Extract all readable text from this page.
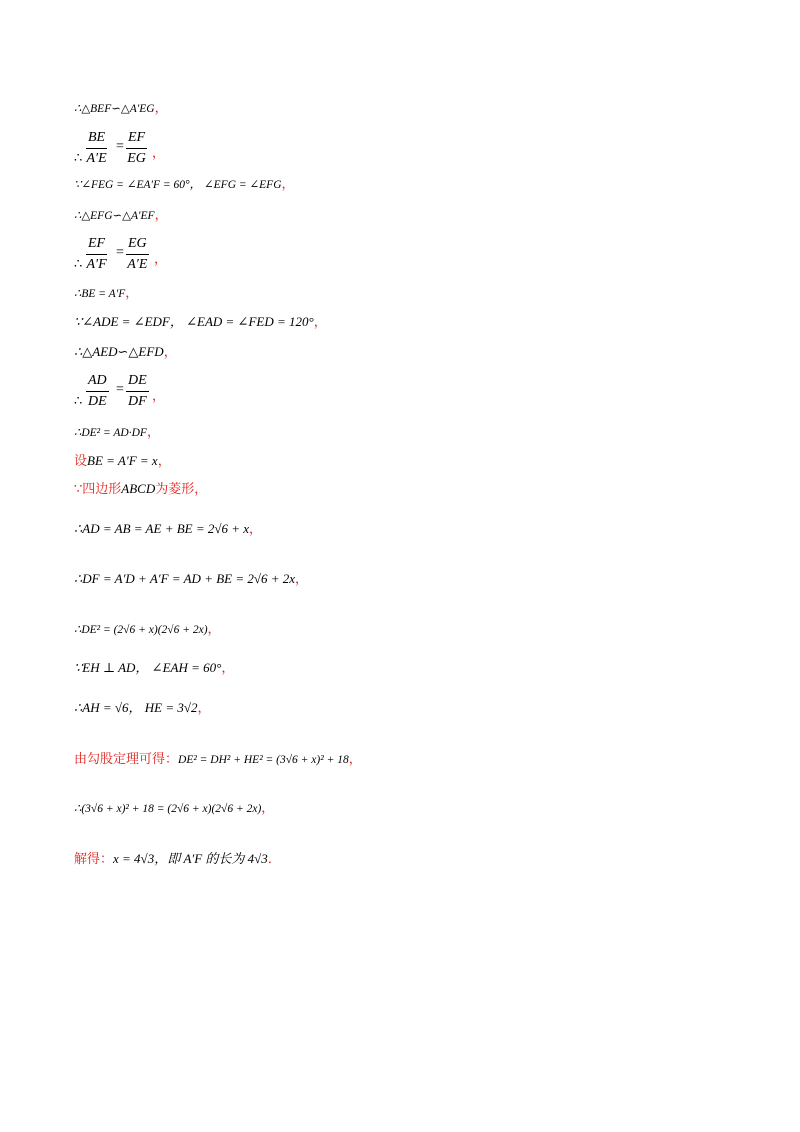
∴△BEF∽△A′EG，
∴ $\frac{BE}{A'E} = \frac{EF}{EG}$ ，
∵∠FEG = ∠EA′F = 60°， ∠EFG = ∠EFG，
∴△EFG∽△A′EF，
∴ $\frac{EF}{A'F} = \frac{EG}{A'E}$ ，
∴BE = A′F，
∵∠ADE = ∠EDF， ∠EAD = ∠FED = 120°，
∴△AED∽△EFD，
∴ $\frac{AD}{DE} = \frac{DE}{DF}$ ，
∴DE² = AD·DF，
设BE = A′F = x，
∵四边形ABCD为菱形，
∴AD = AB = AE + BE = 2√6 + x，
∴DF = A′D + A′F = AD + BE = 2√6 + 2x，
∴DE² = (2√6 + x)(2√6 + 2x)，
∵EH ⊥ AD， ∠EAH = 60°，
∴AH = √6， HE = 3√2，
由勾股定理可得：DE² = DH² + HE² = (3√6 + x)² + 18，
∴(3√6 + x)² + 18 = (2√6 + x)(2√6 + 2x)，
解得：x = 4√3，即 A′F 的长为 4√3．
